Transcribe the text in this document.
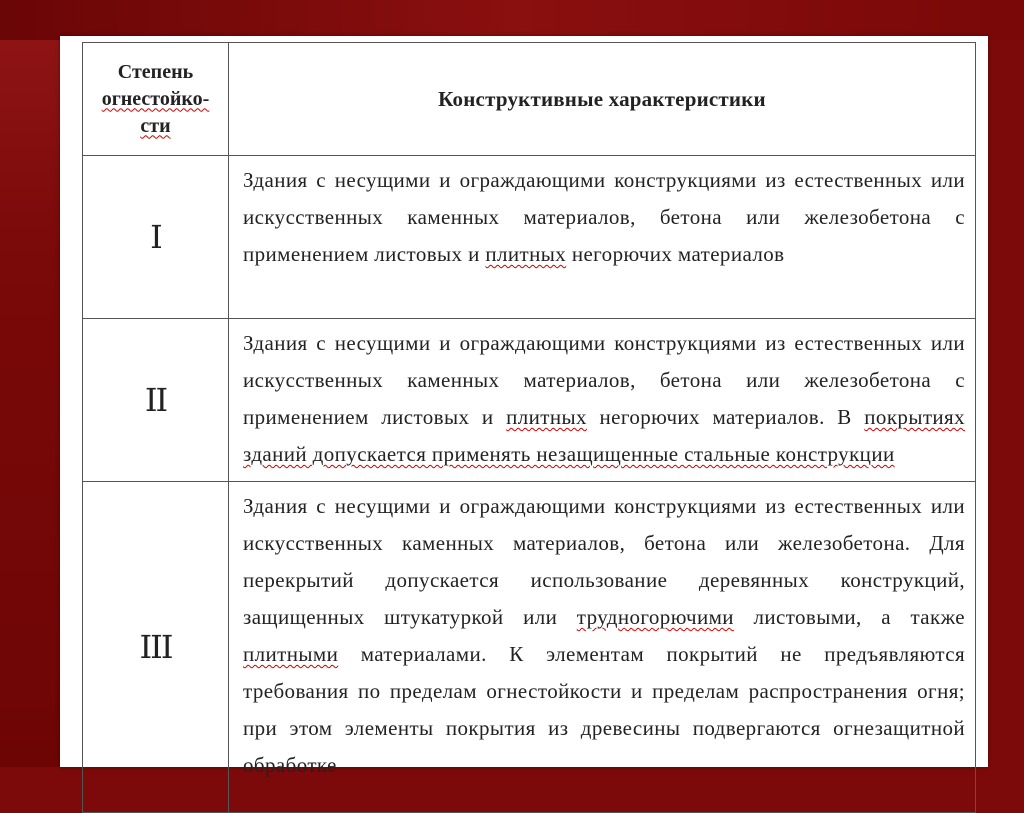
Степень
огнестойко-
сти	Конструктивные характеристики
I	Здания с несущими и ограждающими конструкциями из естественных или искусственных каменных материалов, бетона или железобетона с применением листовых и плитных негорючих материалов
II	Здания с несущими и ограждающими конструкциями из естественных или искусственных каменных материалов, бетона или железобетона с применением листовых и плитных негорючих материалов. В покрытиях зданий допускается применять незащищенные стальные конструкции
III	Здания с несущими и ограждающими конструкциями из естественных или искусственных каменных материалов, бетона или железобетона. Для перекрытий допускается использование деревянных конструкций, защищенных штукатуркой или трудногорючими листовыми, а также плитными материалами. К элементам покрытий не предъявляются требования по пределам огнестойкости и пределам распространения огня; при этом элементы покрытия из древесины подвергаются огнезащитной обработке
